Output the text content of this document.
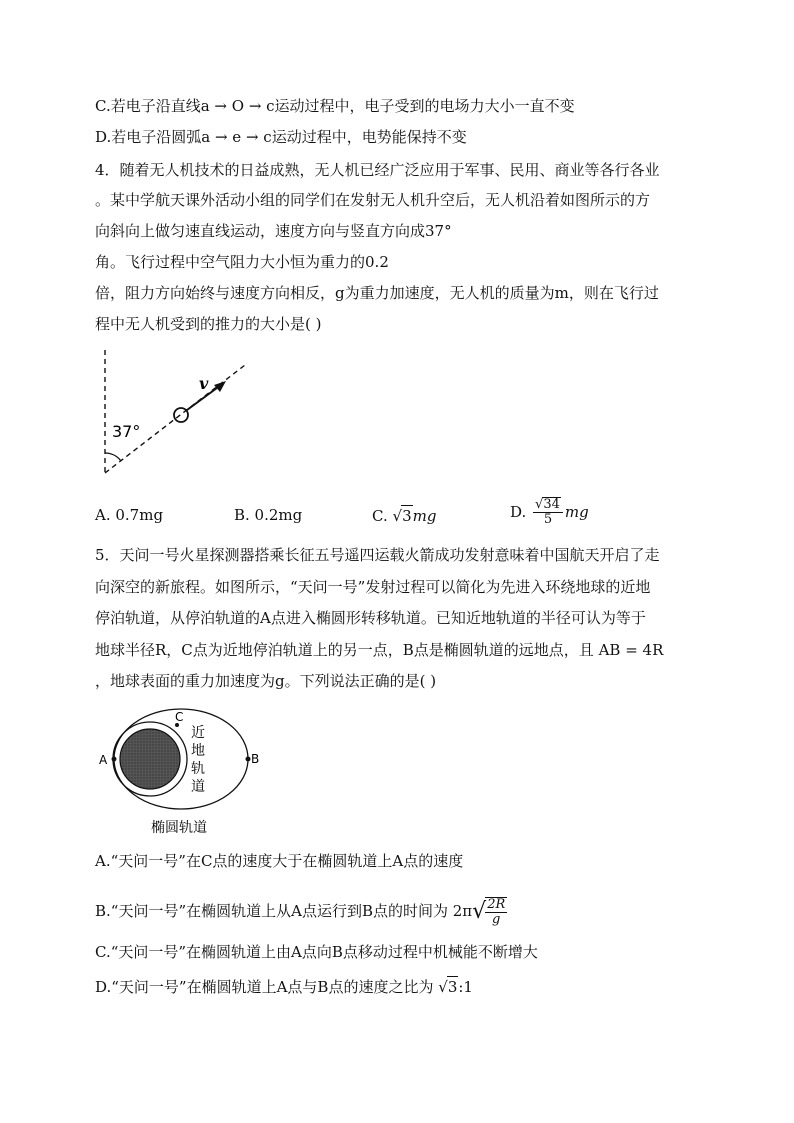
C.若电子沿直线a → O → c运动过程中，电子受到的电场力大小一直不变
D.若电子沿圆弧a → e → c运动过程中，电势能保持不变
4．随着无人机技术的日益成熟，无人机已经广泛应用于军事、民用、商业等各行各业
。某中学航天课外活动小组的同学们在发射无人机升空后，无人机沿着如图所示的方
向斜向上做匀速直线运动，速度方向与竖直方向成37°
角。飞行过程中空气阻力大小恒为重力的0.2
倍，阻力方向始终与速度方向相反，g为重力加速度，无人机的质量为m，则在飞行过
程中无人机受到的推力的大小是( )
v
37°
A. 0.7mg	B. 0.2mg	C. √3mg	D. $\frac{√34}{5}$ mg
5．天问一号火星探测器搭乘长征五号遥四运载火箭成功发射意味着中国航天开启了走
向深空的新旅程。如图所示，“天问一号”发射过程可以简化为先进入环绕地球的近地
停泊轨道，从停泊轨道的A点进入椭圆形转移轨道。已知近地轨道的半径可认为等于
地球半径R，C点为近地停泊轨道上的另一点，B点是椭圆轨道的远地点，且 AB = 4R
，地球表面的重力加速度为g。下列说法正确的是( )
A	B
C
近
地
轨
道
椭圆轨道
A.“天问一号”在C点的速度大于在椭圆轨道上A点的速度
B.“天问一号”在椭圆轨道上从A点运行到B点的时间为 $2\pi√ \frac{2R}{g}$
C.“天问一号”在椭圆轨道上由A点向B点移动过程中机械能不断增大
D.“天问一号”在椭圆轨道上A点与B点的速度之比为 √3:1
